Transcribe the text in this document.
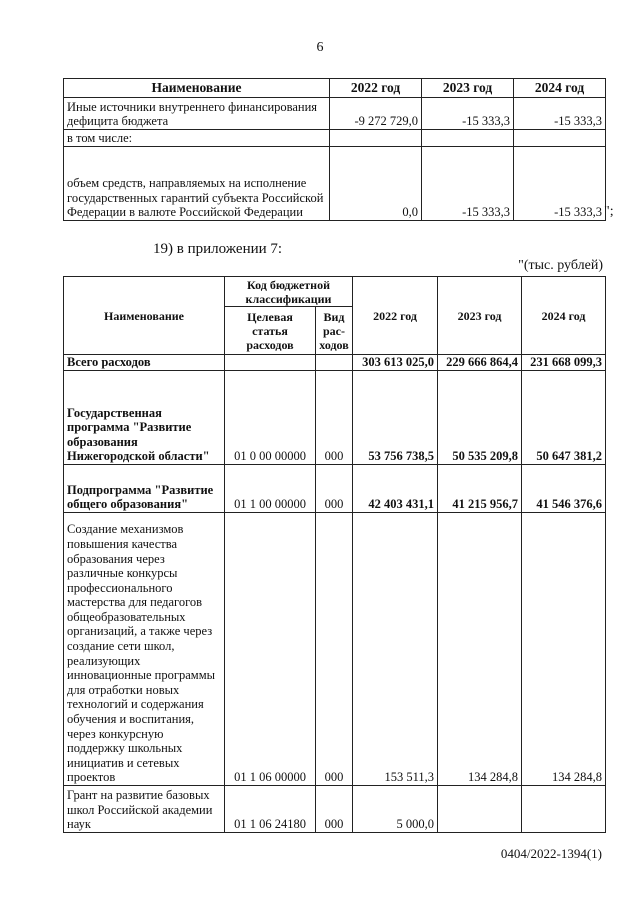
6
Наименование	2022 год	2023 год	2024 год
Иные источники внутреннего финансирования дефицита бюджета	-9 272 729,0	-15 333,3	-15 333,3
в том числе:			
объем средств, направляемых на исполнение государственных гарантий субъекта Российской Федерации в валюте Российской Федерации	0,0	-15 333,3	-15 333,3 ";
19) в приложении 7:
"(тыс. рублей)
Наименование	Код бюджетной классификации		2022 год	2023 год	2024 год
	Целевая статья расходов	Вид рас-ходов			
Всего расходов			303 613 025,0	229 666 864,4	231 668 099,3
Государственная программа "Развитие образования Нижегородской области"	01 0 00 00000	000	53 756 738,5	50 535 209,8	50 647 381,2
Подпрограмма "Развитие общего образования"	01 1 00 00000	000	42 403 431,1	41 215 956,7	41 546 376,6
Создание механизмов повышения качества образования через различные конкурсы профессионального мастерства для педагогов общеобразовательных организаций, а также через создание сети школ, реализующих инновационные программы для отработки новых технологий и содержания обучения и воспитания, через конкурсную поддержку школьных инициатив и сетевых проектов	01 1 06 00000	000	153 511,3	134 284,8	134 284,8
Грант на развитие базовых школ Российской академии наук	01 1 06 24180	000	5 000,0		
0404/2022-1394(1)
